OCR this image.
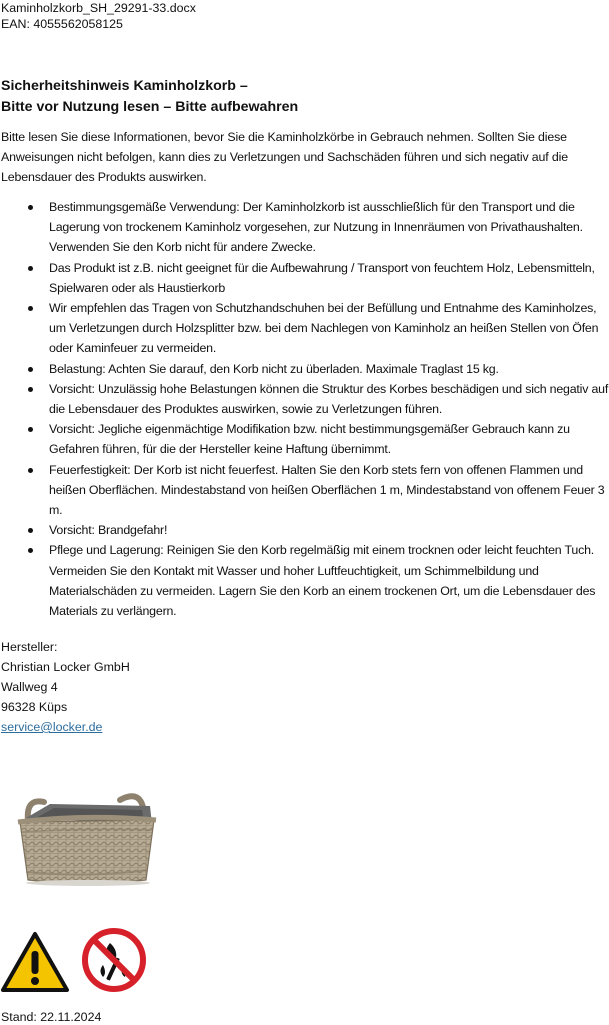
Kaminholzkorb_SH_29291-33.docx
EAN: 4055562058125
Sicherheitshinweis Kaminholzkorb –
Bitte vor Nutzung lesen – Bitte aufbewahren
Bitte lesen Sie diese Informationen, bevor Sie die Kaminholzkörbe in Gebrauch nehmen. Sollten Sie diese Anweisungen nicht befolgen, kann dies zu Verletzungen und Sachschäden führen und sich negativ auf die Lebensdauer des Produkts auswirken.
Bestimmungsgemäße Verwendung: Der Kaminholzkorb ist ausschließlich für den Transport und die Lagerung von trockenem Kaminholz vorgesehen, zur Nutzung in Innenräumen von Privathaushalten. Verwenden Sie den Korb nicht für andere Zwecke.
Das Produkt ist z.B. nicht geeignet für die Aufbewahrung / Transport von feuchtem Holz, Lebensmitteln, Spielwaren oder als Haustierkorb
Wir empfehlen das Tragen von Schutzhandschuhen bei der Befüllung und Entnahme des Kaminholzes, um Verletzungen durch Holzsplitter bzw. bei dem Nachlegen von Kaminholz an heißen Stellen von Öfen oder Kaminfeuer zu vermeiden.
Belastung: Achten Sie darauf, den Korb nicht zu überladen. Maximale Traglast 15 kg.
Vorsicht: Unzulässig hohe Belastungen können die Struktur des Korbes beschädigen und sich negativ auf die Lebensdauer des Produktes auswirken, sowie zu Verletzungen führen.
Vorsicht: Jegliche eigenmächtige Modifikation bzw. nicht bestimmungsgemäßer Gebrauch kann zu Gefahren führen, für die der Hersteller keine Haftung übernimmt.
Feuerfestigkeit: Der Korb ist nicht feuerfest. Halten Sie den Korb stets fern von offenen Flammen und heißen Oberflächen. Mindestabstand von heißen Oberflächen 1 m, Mindestabstand von offenem Feuer 3 m.
Vorsicht: Brandgefahr!
Pflege und Lagerung: Reinigen Sie den Korb regelmäßig mit einem trocknen oder leicht feuchten Tuch. Vermeiden Sie den Kontakt mit Wasser und hoher Luftfeuchtigkeit, um Schimmelbildung und Materialschäden zu vermeiden. Lagern Sie den Korb an einem trockenen Ort, um die Lebensdauer des Materials zu verlängern.
Hersteller:
Christian Locker GmbH
Wallweg 4
96328 Küps
service@locker.de
Stand: 22.11.2024
